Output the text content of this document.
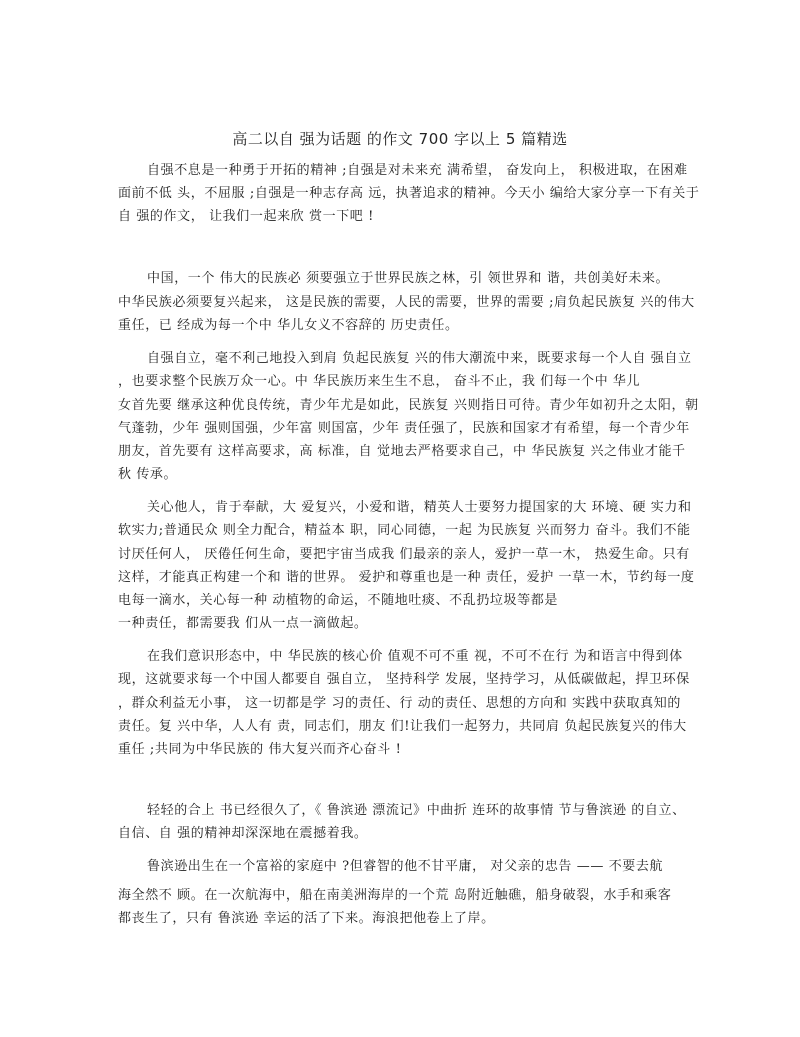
高二以自 强为话题 的作文 700 字以上 5 篇精选
自强不息是一种勇于开拓的精神 ;自强是对未来充 满希望， 奋发向上， 积极进取，在困难
面前不低 头，不屈服 ;自强是一种志存高 远，执著追求的精神。今天小 编给大家分享一下有关于
自 强的作文， 让我们一起来欣 赏一下吧 !
中国，一个 伟大的民族必 须要强立于世界民族之林，引 领世界和 谐，共创美好未来。
中华民族必须要复兴起来， 这是民族的需要，人民的需要，世界的需要 ;肩负起民族复 兴的伟大
重任，已 经成为每一个中 华儿女义不容辞的 历史责任。
自强自立，毫不利己地投入到肩 负起民族复 兴的伟大潮流中来，既要求每一个人自 强自立
，也要求整个民族万众一心。中 华民族历来生生不息， 奋斗不止，我 们每一个中 华儿
女首先要 继承这种优良传统，青少年尤是如此，民族复 兴则指日可待。青少年如初升之太阳，朝
气蓬勃，少年 强则国强，少年富 则国富，少年 责任强了，民族和国家才有希望，每一个青少年
朋友，首先要有 这样高要求，高 标准，自 觉地去严格要求自己，中 华民族复 兴之伟业才能千
秋 传承。
关心他人，肯于奉献，大 爱复兴，小爱和谐，精英人士要努力提国家的大 环境、硬 实力和
软实力;普通民众 则全力配合，精益本 职，同心同德，一起 为民族复 兴而努力 奋斗。我们不能
讨厌任何人， 厌倦任何生命，要把宇宙当成我 们最亲的亲人，爱护一草一木， 热爱生命。只有
这样，才能真正构建一个和 谐的世界。 爱护和尊重也是一种 责任，爱护 一草一木，节约每一度
电每一滴水，关心每一种 动植物的命运，不随地吐痰、不乱扔垃圾等都是
一种责任，都需要我 们从一点一滴做起。
在我们意识形态中，中 华民族的核心价 值观不可不重 视，不可不在行 为和语言中得到体
现，这就要求每一个中国人都要自 强自立， 坚持科学 发展，坚持学习，从低碳做起，捍卫环保
，群众利益无小事， 这一切都是学 习的责任、行 动的责任、思想的方向和 实践中获取真知的
责任。复 兴中华，人人有 责，同志们，朋友 们!让我们一起努力，共同肩 负起民族复兴的伟大
重任 ;共同为中华民族的 伟大复兴而齐心奋斗 !
轻轻的合上 书已经很久了，《 鲁滨逊 漂流记》中曲折 连环的故事情 节与鲁滨逊 的自立、
自信、自 强的精神却深深地在震撼着我。
鲁滨逊出生在一个富裕的家庭中 ?但睿智的他不甘平庸， 对父亲的忠告 —— 不要去航
海全然不 顾。在一次航海中，船在南美洲海岸的一个荒 岛附近触礁，船身破裂，水手和乘客
都丧生了，只有 鲁滨逊 幸运的活了下来。海浪把他卷上了岸。
